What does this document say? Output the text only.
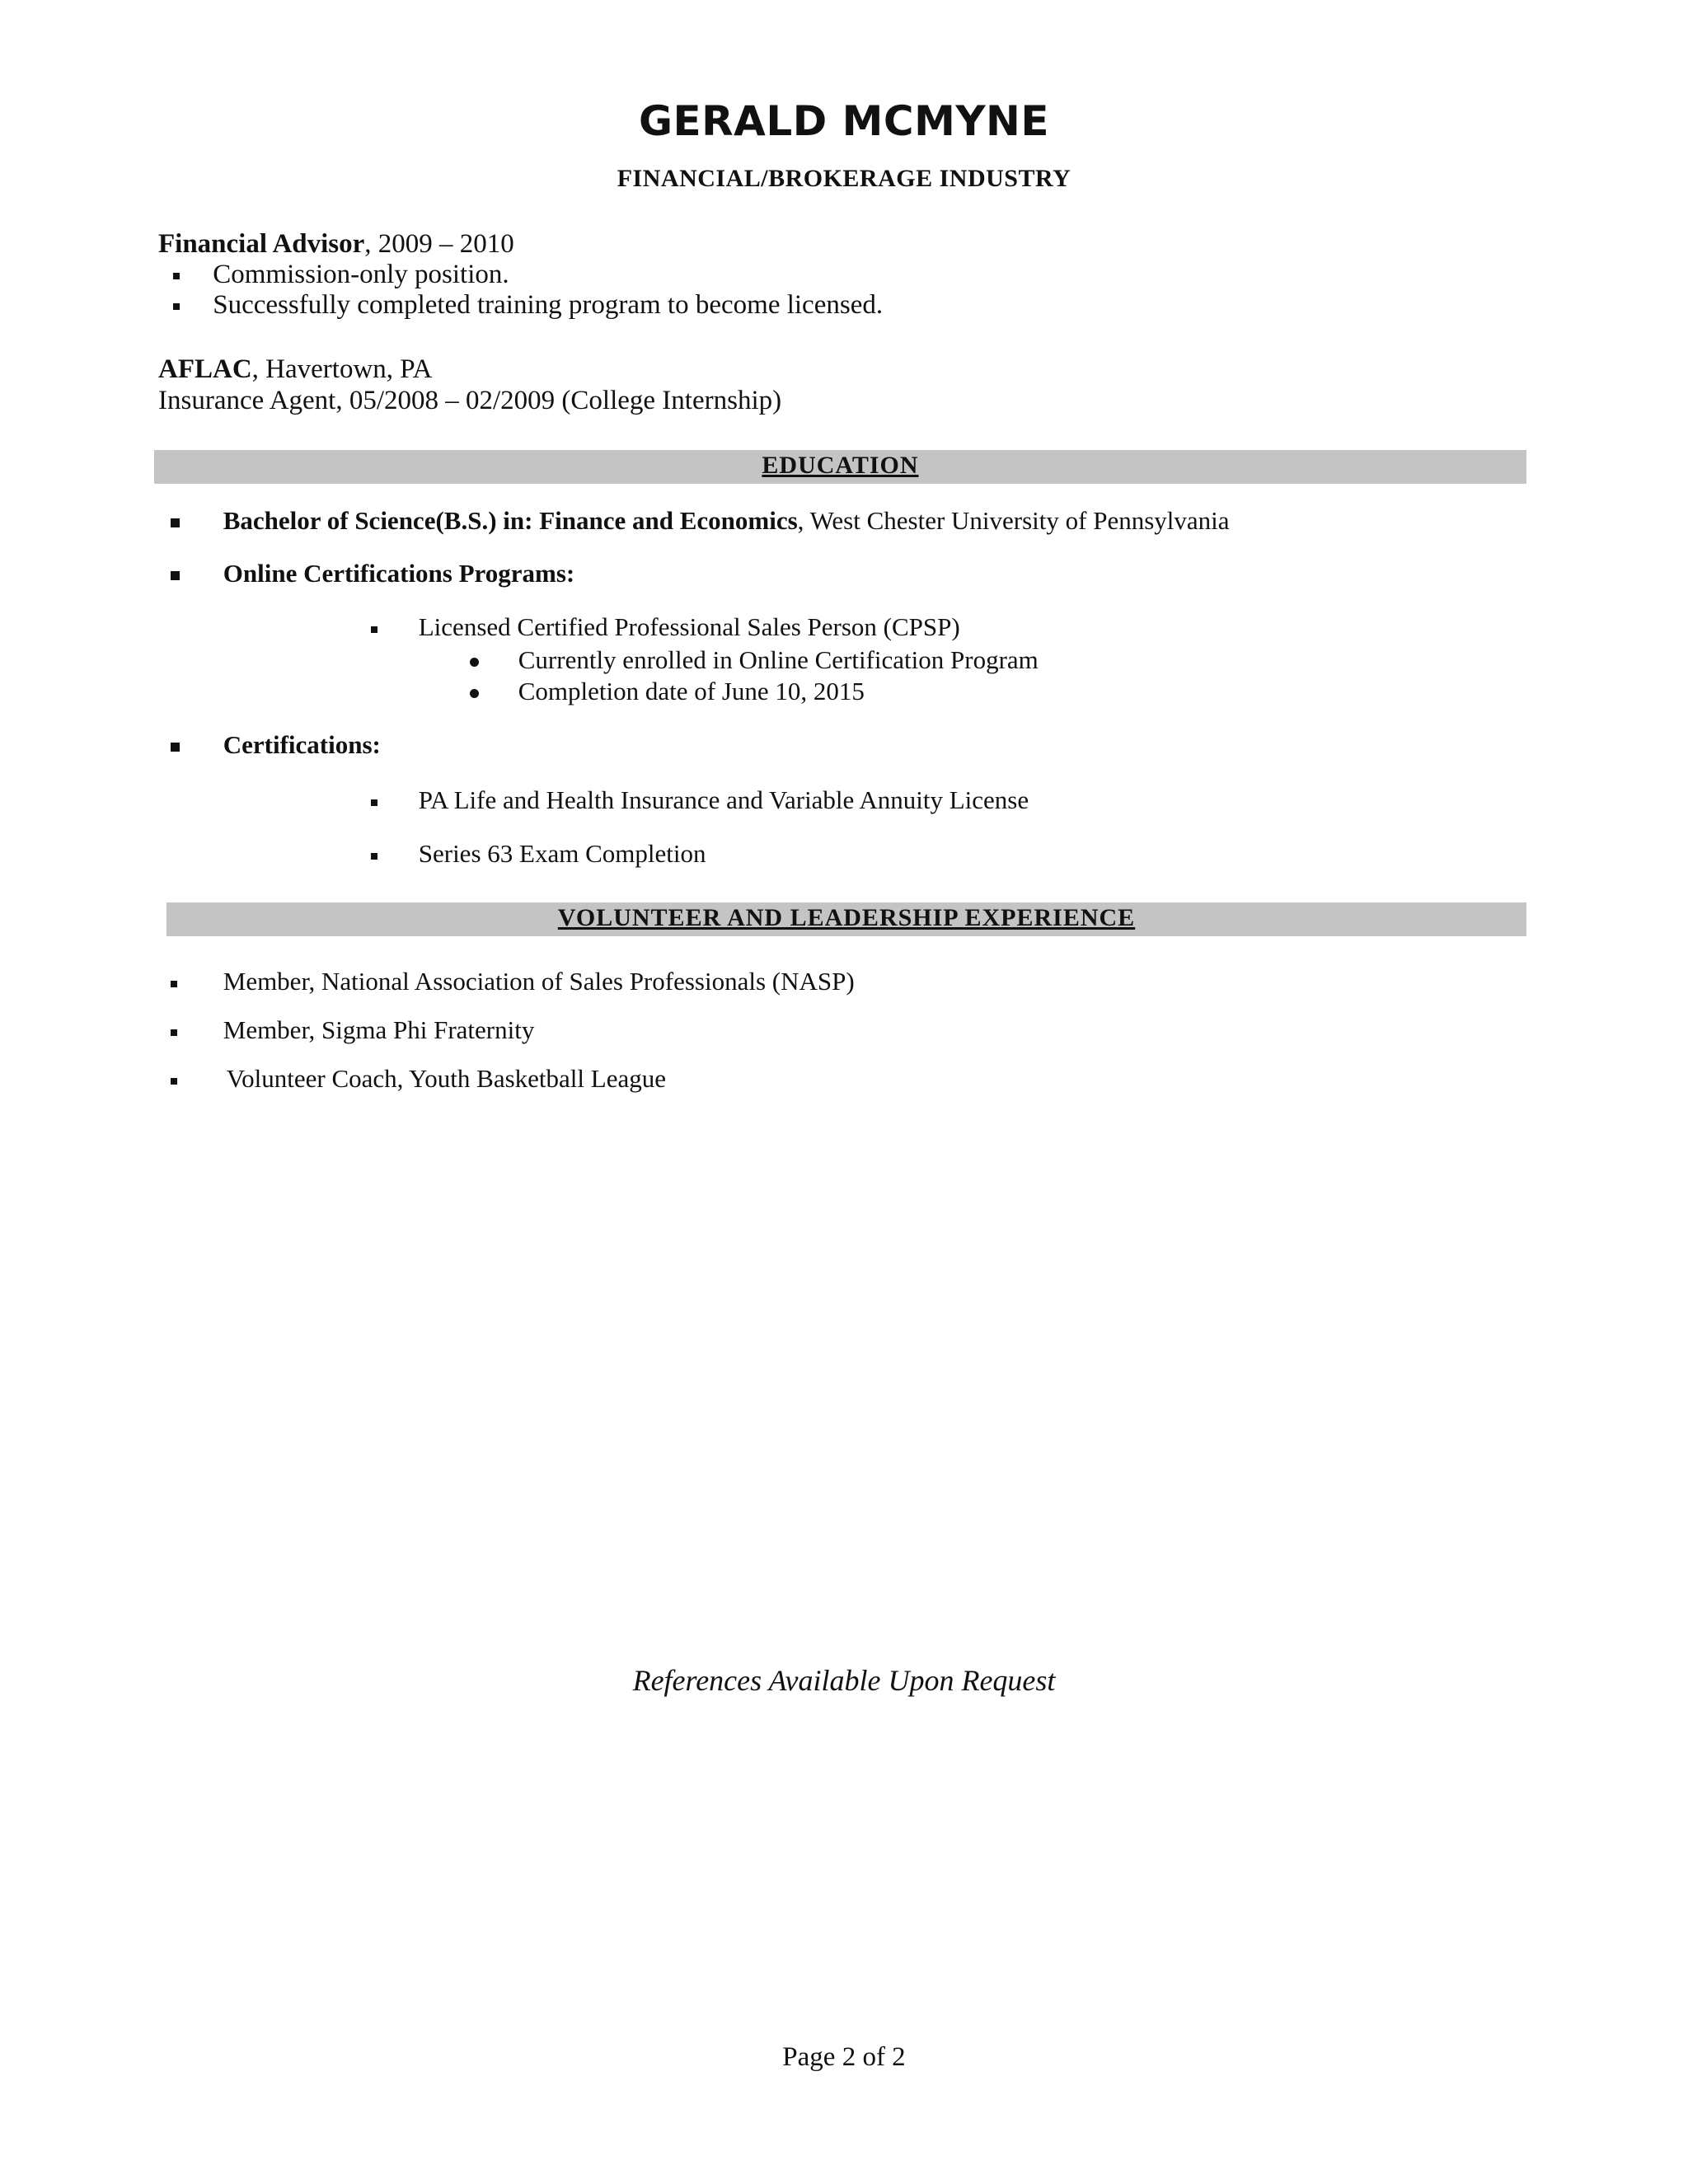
GERALD MCMYNE
FINANCIAL/BROKERAGE INDUSTRY
Financial Advisor, 2009 – 2010
Commission-only position.
Successfully completed training program to become licensed.
AFLAC, Havertown, PA
Insurance Agent, 05/2008 – 02/2009 (College Internship)
EDUCATION
Bachelor of Science(B.S.) in: Finance and Economics, West Chester University of Pennsylvania
Online Certifications Programs:
Licensed Certified Professional Sales Person (CPSP)
Currently enrolled in Online Certification Program
Completion date of June 10, 2015
Certifications:
PA Life and Health Insurance and Variable Annuity License
Series 63 Exam Completion
VOLUNTEER AND LEADERSHIP EXPERIENCE
Member, National Association of Sales Professionals (NASP)
Member, Sigma Phi Fraternity
Volunteer Coach, Youth Basketball League
References Available Upon Request
Page 2 of 2
